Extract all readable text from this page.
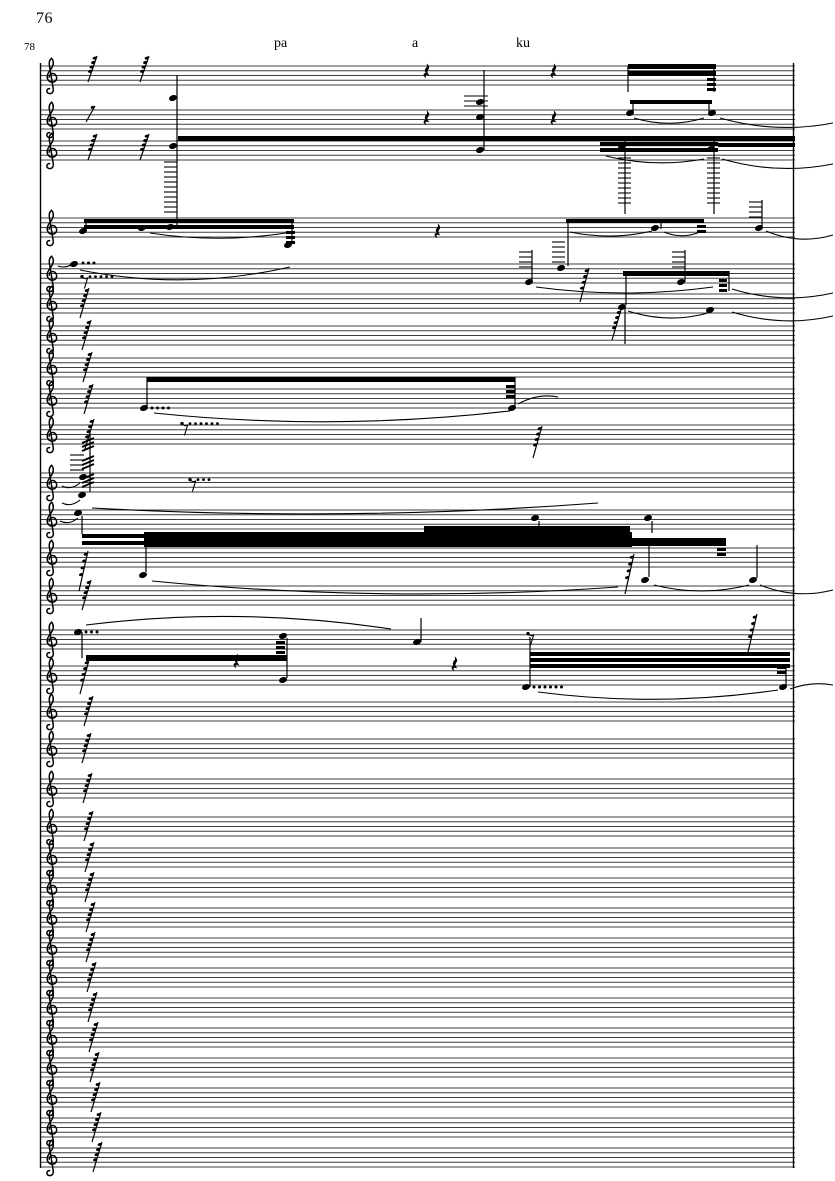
76
78	pa	a	ku
